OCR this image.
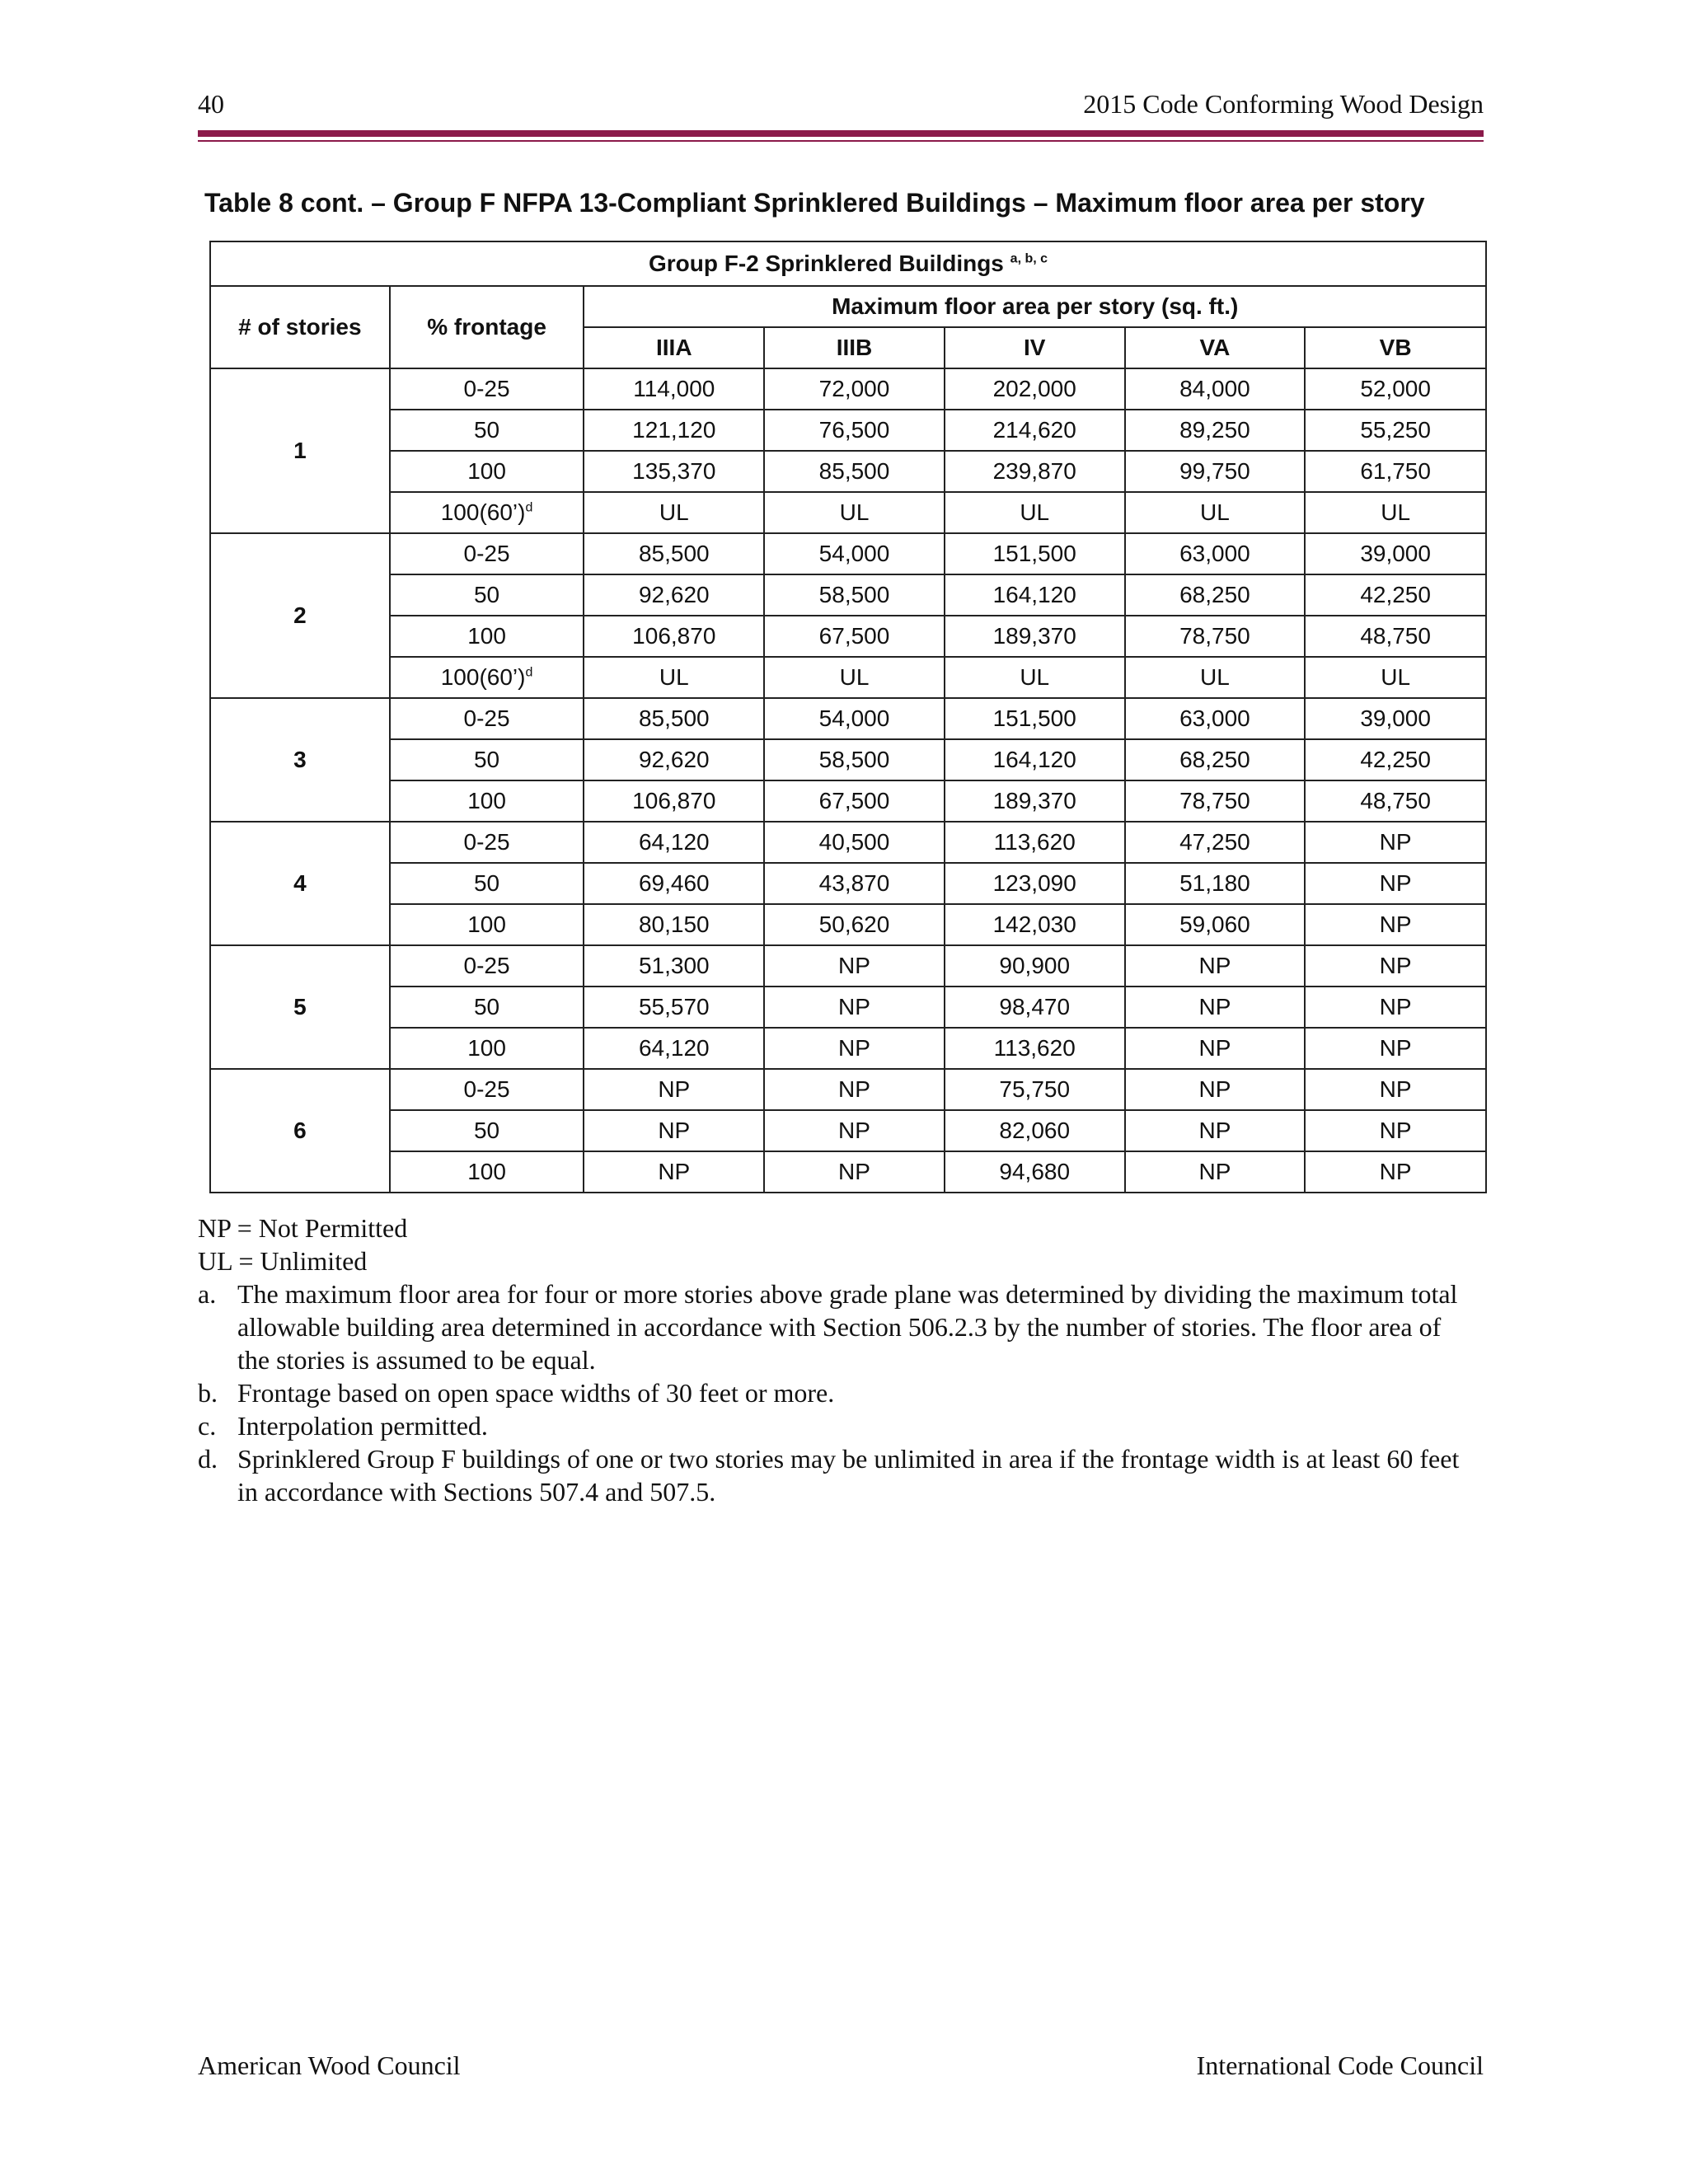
40	2015 Code Conforming Wood Design
Table 8 cont. – Group F NFPA 13-Compliant Sprinklered Buildings – Maximum floor area per story
Group F-2 Sprinklered Buildings $^{a, b, c}$
# of stories	% frontage	Maximum floor area per story (sq. ft.)				
		IIIA	IIIB	IV	VA	VB
1	0-25	114,000	72,000	202,000	84,000	52,000
	50	121,120	76,500	214,620	89,250	55,250
	100	135,370	85,500	239,870	99,750	61,750
	100(60’)$^d$	UL	UL	UL	UL	UL
2	0-25	85,500	54,000	151,500	63,000	39,000
	50	92,620	58,500	164,120	68,250	42,250
	100	106,870	67,500	189,370	78,750	48,750
	100(60’)$^d$	UL	UL	UL	UL	UL
3	0-25	85,500	54,000	151,500	63,000	39,000
	50	92,620	58,500	164,120	68,250	42,250
	100	106,870	67,500	189,370	78,750	48,750
4	0-25	64,120	40,500	113,620	47,250	NP
	50	69,460	43,870	123,090	51,180	NP
	100	80,150	50,620	142,030	59,060	NP
5	0-25	51,300	NP	90,900	NP	NP
	50	55,570	NP	98,470	NP	NP
	100	64,120	NP	113,620	NP	NP
6	0-25	NP	NP	75,750	NP	NP
	50	NP	NP	82,060	NP	NP
	100	NP	NP	94,680	NP	NP

NP = Not Permitted

UL = Unlimited

a. The maximum floor area for four or more stories above grade plane was determined by dividing the maximum total allowable building area determined in accordance with Section 506.2.3 by the number of stories. The floor area of the stories is assumed to be equal.
b. Frontage based on open space widths of 30 feet or more.
c. Interpolation permitted.
d. Sprinklered Group F buildings of one or two stories may be unlimited in area if the frontage width is at least 60 feet in accordance with Sections 507.4 and 507.5.
American Wood Council	International Code Council
